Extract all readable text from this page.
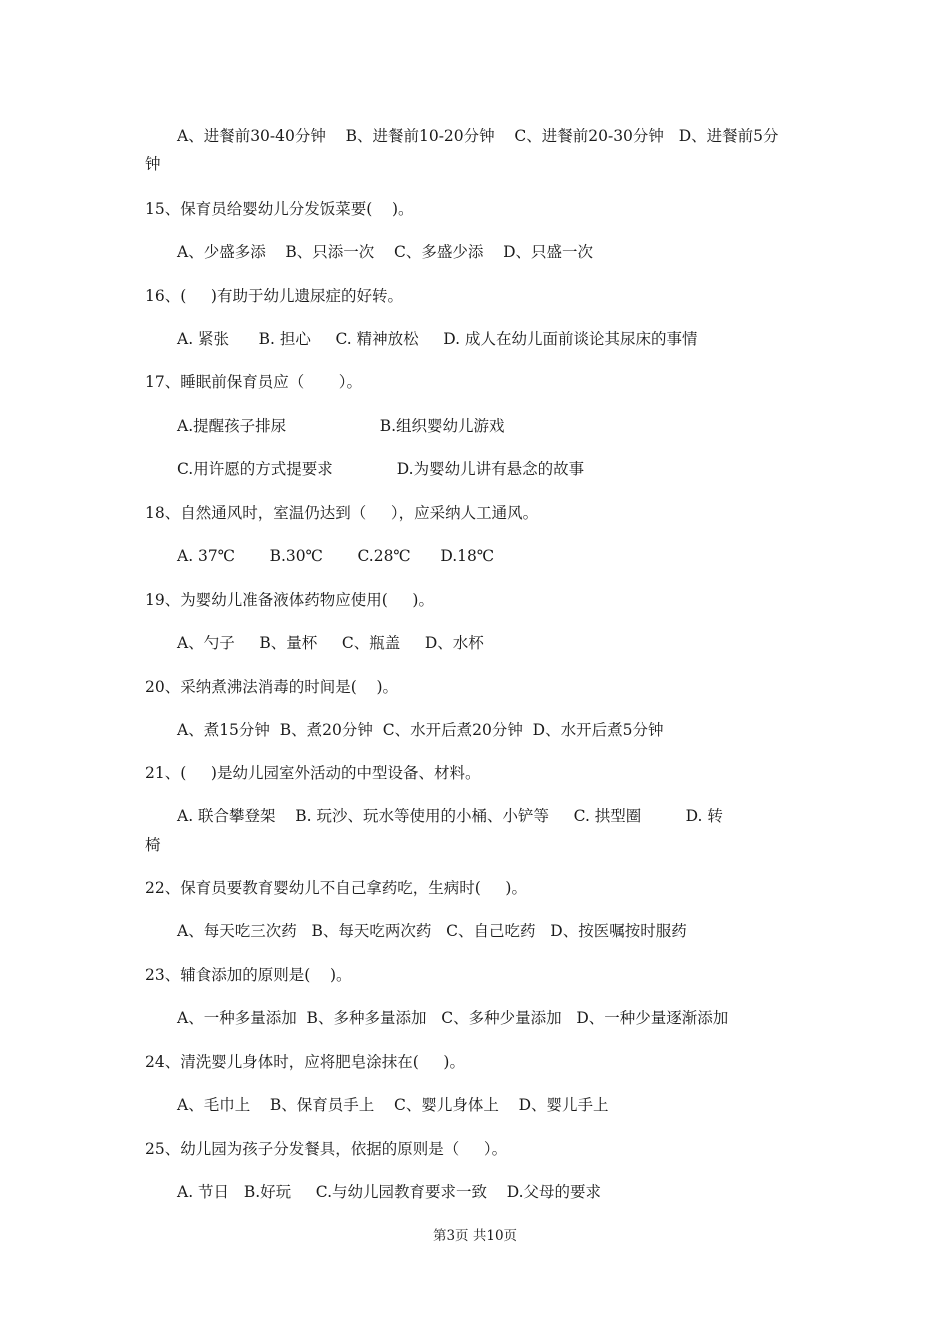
A、进餐前30-40分钟    B、进餐前10-20分钟    C、进餐前20-30分钟   D、进餐前5分
钟
15、保育员给婴幼儿分发饭菜要(    )。
A、少盛多添    B、只添一次    C、多盛少添    D、只盛一次
16、(     )有助于幼儿遗尿症的好转。
A. 紧张      B. 担心     C. 精神放松     D. 成人在幼儿面前谈论其尿床的事情
17、睡眠前保育员应（       ）。
A.提醒孩子排尿                   B.组织婴幼儿游戏
C.用许愿的方式提要求             D.为婴幼儿讲有悬念的故事
18、自然通风时，室温仍达到（     ），应采纳人工通风。
A. 37℃       B.30℃       C.28℃      D.18℃
19、为婴幼儿准备液体药物应使用(     )。
A、勺子     B、量杯     C、瓶盖     D、水杯
20、采纳煮沸法消毒的时间是(    )。
A、煮15分钟  B、煮20分钟  C、水开后煮20分钟  D、水开后煮5分钟
21、(     )是幼儿园室外活动的中型设备、材料。
A. 联合攀登架    B. 玩沙、玩水等使用的小桶、小铲等     C. 拱型圈         D. 转
椅
22、保育员要教育婴幼儿不自己拿药吃，生病时(     )。
A、每天吃三次药   B、每天吃两次药   C、自己吃药   D、按医嘱按时服药
23、辅食添加的原则是(    )。
A、一种多量添加  B、多种多量添加   C、多种少量添加   D、一种少量逐渐添加
24、清洗婴儿身体时，应将肥皂涂抹在(     )。
A、毛巾上    B、保育员手上    C、婴儿身体上    D、婴儿手上
25、幼儿园为孩子分发餐具，依据的原则是（     ）。
A. 节日   B.好玩     C.与幼儿园教育要求一致    D.父母的要求
第3页 共10页
